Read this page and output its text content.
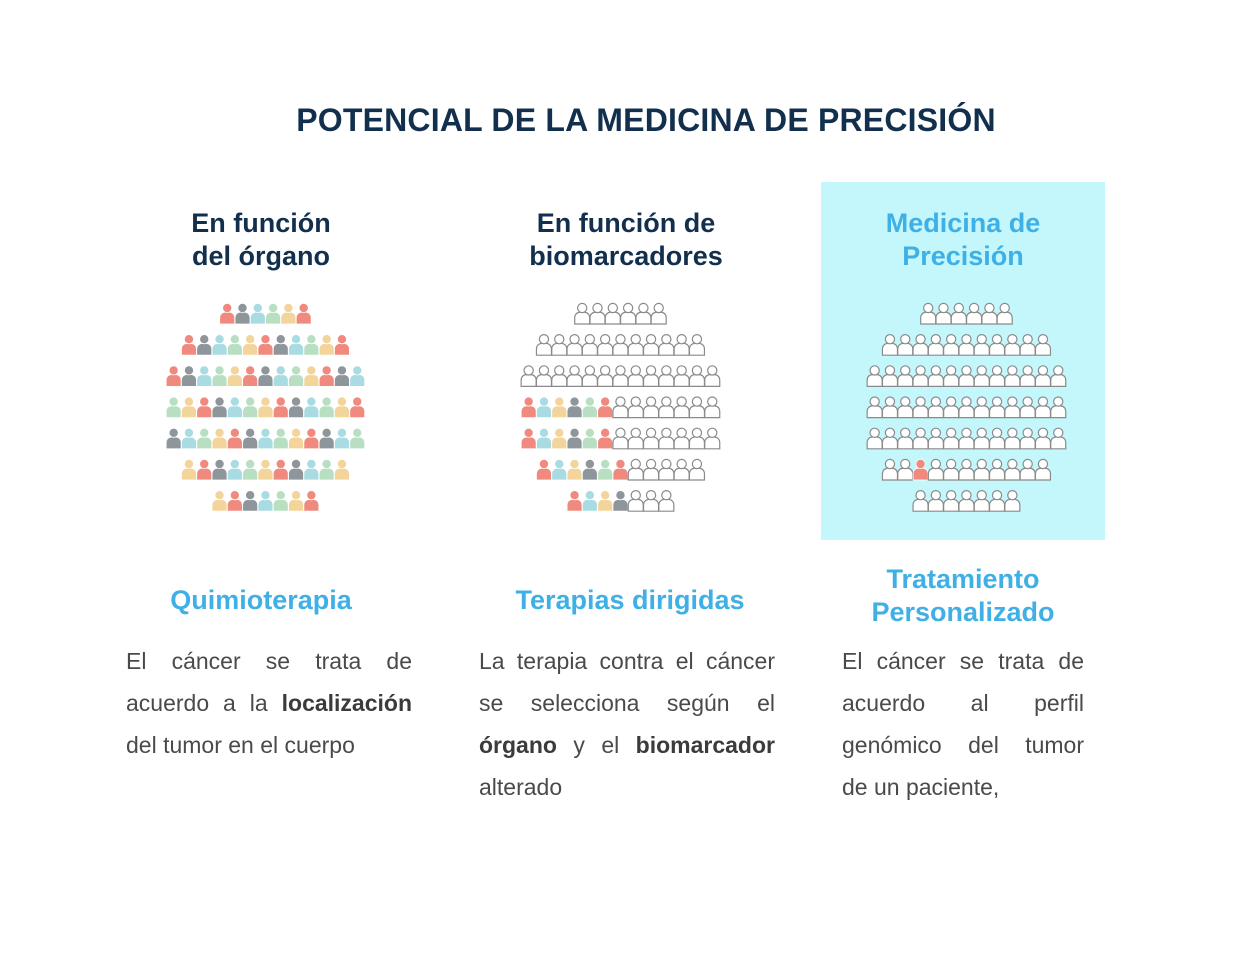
POTENCIAL DE LA MEDICINA DE PRECISIÓN
En función
del órgano
Quimioterapia
El cáncer se trata de
acuerdo a la localización
del tumor en el cuerpo
En función de
biomarcadores
Terapias dirigidas
La terapia contra el cáncer
se selecciona según el
órgano y el biomarcador
alterado
Medicina de
Precisión
Tratamiento
Personalizado
El cáncer se trata de
acuerdo al perfil
genómico del tumor
de un paciente,
